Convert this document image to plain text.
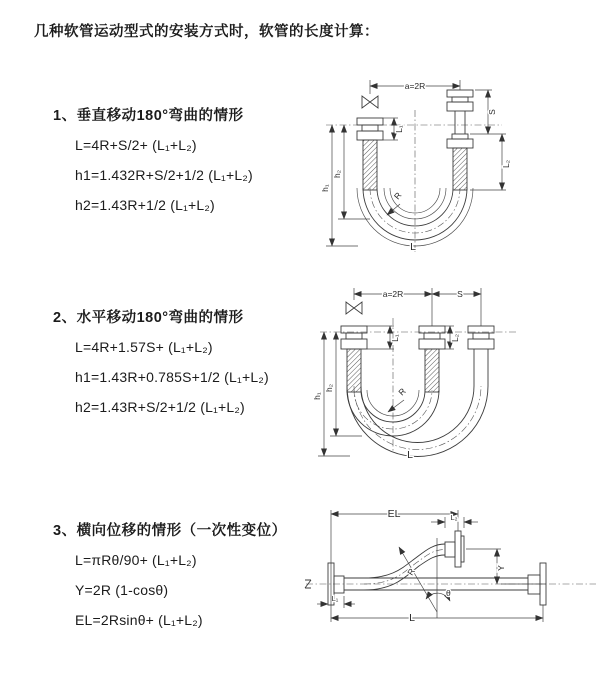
几种软管运动型式的安装方式时，软管的长度计算：
1、垂直移动180°弯曲的情形
L=4R+S/2+ (L₁+L₂)
h1=1.432R+S/2+1/2 (L₁+L₂)
h2=1.43R+1/2 (L₁+L₂)
2、水平移动180°弯曲的情形
L=4R+1.57S+ (L₁+L₂)
h1=1.43R+0.785S+1/2 (L₁+L₂)
h2=1.43R+S/2+1/2 (L₁+L₂)
3、横向位移的情形（一次性变位）
L=πRθ/90+ (L₁+L₂)
Y=2R (1-cosθ)
EL=2Rsinθ+ (L₁+L₂)
a=2R
R
h₁
h₂
L₁
S
L₂
L
a=2R	S
R
h₁
h₂
L₁	L₂
L
R
θ
EL	L₂
Y
L₁
L
